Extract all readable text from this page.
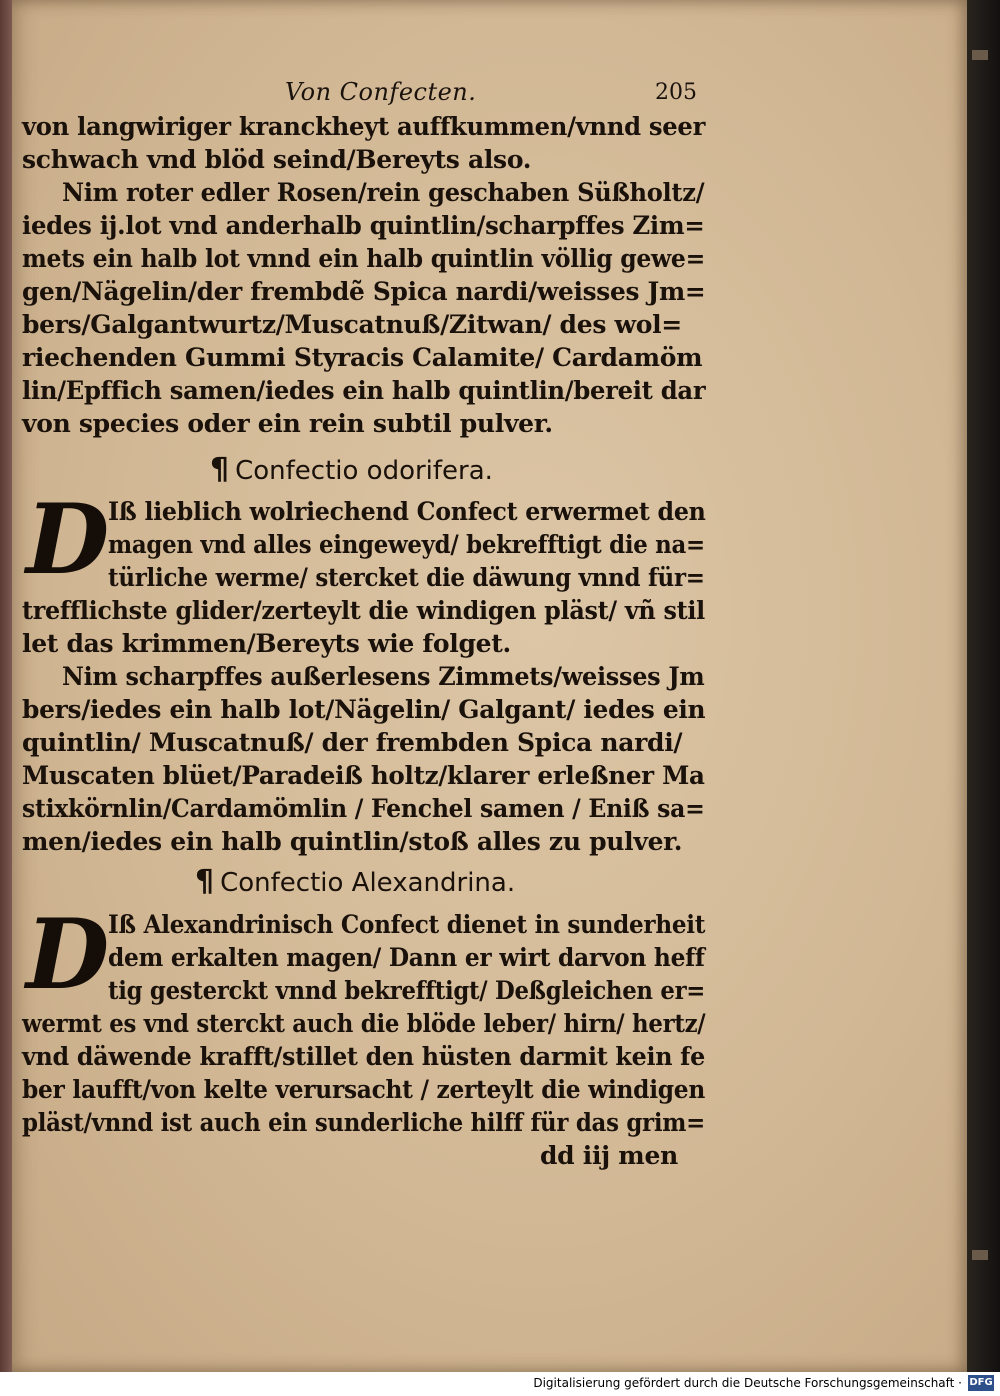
Von Confecten.	205
von langwiriger kranckheyt auffkummen/vnnd seer
schwach vnd blöd seind/Bereyts also.
Nim roter edler Rosen/rein geschaben Süßholtz/
iedes ij.lot vnd anderhalb quintlin/scharpffes Zim=
mets ein halb lot vnnd ein halb quintlin völlig gewe=
gen/Nägelin/der frembdẽ Spica nardi/weisses Jm=
bers/Galgantwurtz/Muscatnuß/Zitwan/ des wol=
riechenden Gummi Styracis Calamite/ Cardamöm
lin/Epffich samen/iedes ein halb quintlin/bereit dar
von species oder ein rein subtil pulver.
¶ Confectio odorifera.
D
Iß lieblich wolriechend Confect erwermet den
magen vnd alles eingeweyd/ bekrefftigt die na=
türliche werme/ stercket die däwung vnnd für=
trefflichste glider/zerteylt die windigen pläst/ vñ stil
let das krimmen/Bereyts wie folget.
Nim scharpffes außerlesens Zimmets/weisses Jm
bers/iedes ein halb lot/Nägelin/ Galgant/ iedes ein
quintlin/ Muscatnuß/ der frembden Spica nardi/
Muscaten blüet/Paradeiß holtz/klarer erleßner Ma
stixkörnlin/Cardamömlin / Fenchel samen / Eniß sa=
men/iedes ein halb quintlin/stoß alles zu pulver.
¶ Confectio Alexandrina.
D
Iß Alexandrinisch Confect dienet in sunderheit
dem erkalten magen/ Dann er wirt darvon heff
tig gesterckt vnnd bekrefftigt/ Deßgleichen er=
wermt es vnd sterckt auch die blöde leber/ hirn/ hertz/
vnd däwende krafft/stillet den hüsten darmit kein fe
ber laufft/von kelte verursacht / zerteylt die windigen
pläst/vnnd ist auch ein sunderliche hilff für das grim=
dd iij men
Digitalisierung gefördert durch die Deutsche Forschungsgemeinschaft · DFG
